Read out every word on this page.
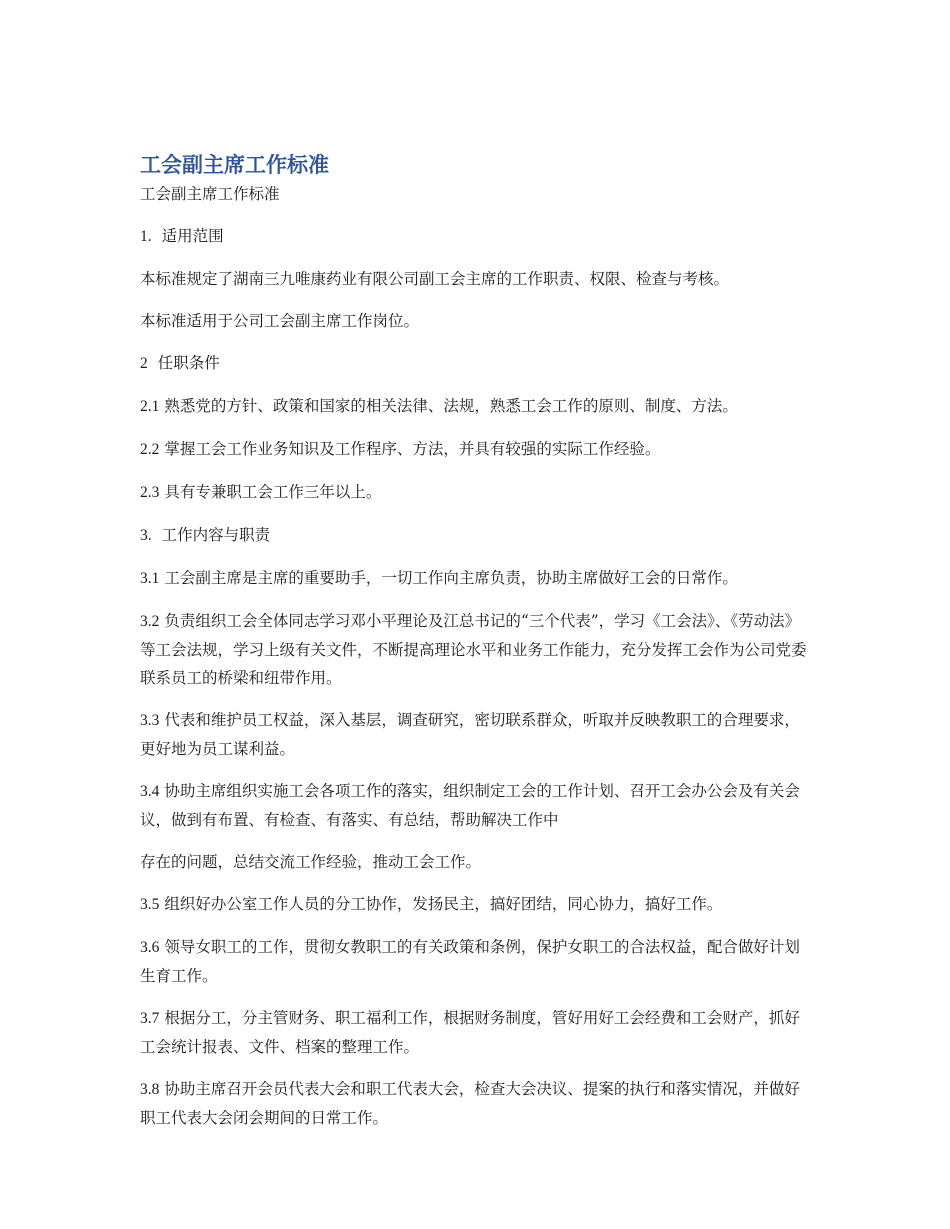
工会副主席工作标准

工会副主席工作标准

1. 适用范围

本标准规定了湖南三九唯康药业有限公司副工会主席的工作职责、权限、检查与考核。

本标准适用于公司工会副主席工作岗位。

2 任职条件

2.1 熟悉党的方针、政策和国家的相关法律、法规，熟悉工会工作的原则、制度、方法。

2.2 掌握工会工作业务知识及工作程序、方法，并具有较强的实际工作经验。

2.3 具有专兼职工会工作三年以上。

3. 工作内容与职责

3.1 工会副主席是主席的重要助手，一切工作向主席负责，协助主席做好工会的日常作。

3.2 负责组织工会全体同志学习邓小平理论及江总书记的“三个代表”，学习《工会法》、《劳动法》等工会法规，学习上级有关文件，不断提高理论水平和业务工作能力，充分发挥工会作为公司党委联系员工的桥梁和纽带作用。

3.3 代表和维护员工权益，深入基层，调查研究，密切联系群众，听取并反映教职工的合理要求，更好地为员工谋利益。

3.4 协助主席组织实施工会各项工作的落实，组织制定工会的工作计划、召开工会办公会及有关会议，做到有布置、有检查、有落实、有总结，帮助解决工作中

存在的问题，总结交流工作经验，推动工会工作。

3.5 组织好办公室工作人员的分工协作，发扬民主，搞好团结，同心协力，搞好工作。

3.6 领导女职工的工作，贯彻女教职工的有关政策和条例，保护女职工的合法权益，配合做好计划生育工作。

3.7 根据分工，分主管财务、职工福利工作，根据财务制度，管好用好工会经费和工会财产，抓好工会统计报表、文件、档案的整理工作。

3.8 协助主席召开会员代表大会和职工代表大会，检查大会决议、提案的执行和落实情况，并做好职工代表大会闭会期间的日常工作。
